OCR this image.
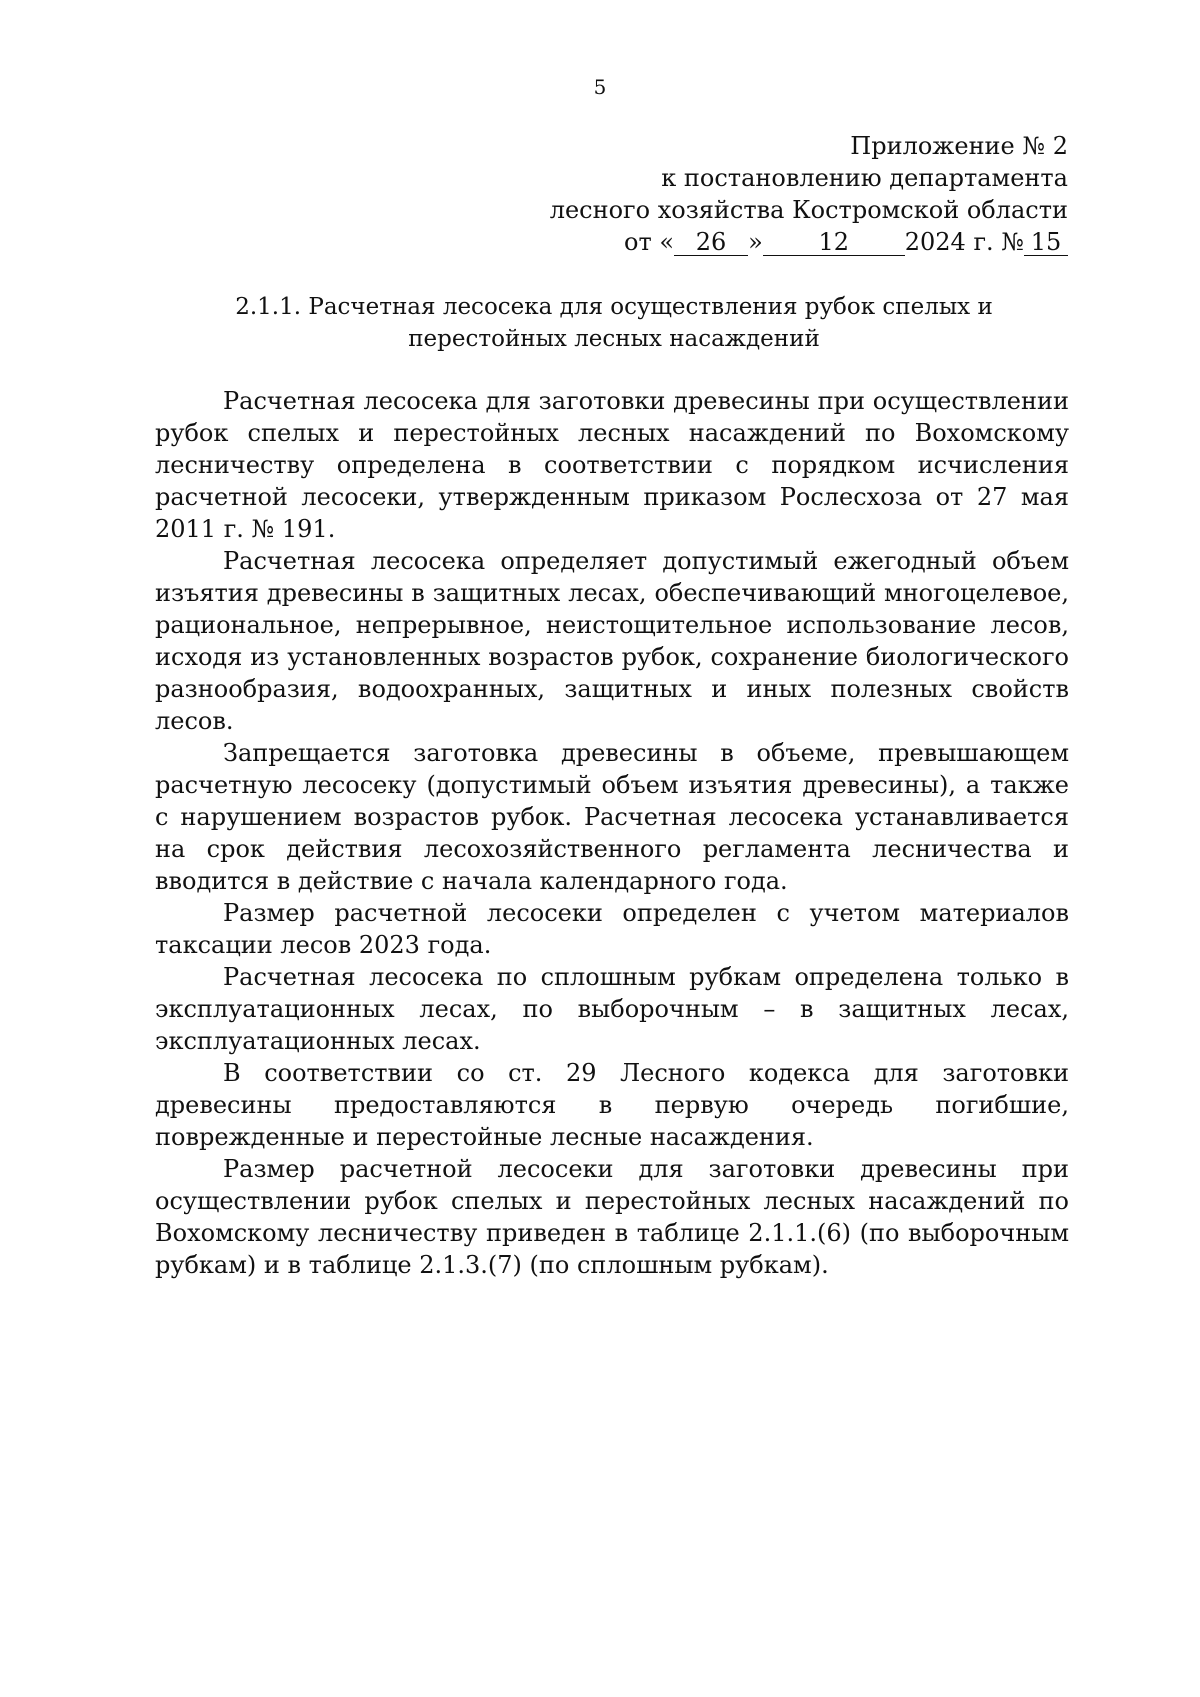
5
Приложение № 2
к постановлению департамента
лесного хозяйства Костромской области
от « 26 » 12 2024 г. № 15
2.1.1. Расчетная лесосека для осуществления рубок спелых и перестойных лесных насаждений

Расчетная лесосека для заготовки древесины при осуществлении рубок спелых и перестойных лесных насаждений по Вохомскому лесничеству определена в соответствии с порядком исчисления расчетной лесосеки, утвержденным приказом Рослесхоза от 27 мая 2011 г. № 191.

Расчетная лесосека определяет допустимый ежегодный объем изъятия древесины в защитных лесах, обеспечивающий многоцелевое, рациональное, непрерывное, неистощительное использование лесов, исходя из установленных возрастов рубок, сохранение биологического разнообразия, водоохранных, защитных и иных полезных свойств лесов.

Запрещается заготовка древесины в объеме, превышающем расчетную лесосеку (допустимый объем изъятия древесины), а также с нарушением возрастов рубок. Расчетная лесосека устанавливается на срок действия лесохозяйственного регламента лесничества и вводится в действие с начала календарного года.

Размер расчетной лесосеки определен с учетом материалов таксации лесов 2023 года.

Расчетная лесосека по сплошным рубкам определена только в эксплуатационных лесах, по выборочным – в защитных лесах, эксплуатационных лесах.

В соответствии со ст. 29 Лесного кодекса для заготовки древесины предоставляются в первую очередь погибшие, поврежденные и перестойные лесные насаждения.

Размер расчетной лесосеки для заготовки древесины при осуществлении рубок спелых и перестойных лесных насаждений по Вохомскому лесничеству приведен в таблице 2.1.1.(6) (по выборочным рубкам) и в таблице 2.1.3.(7) (по сплошным рубкам).
